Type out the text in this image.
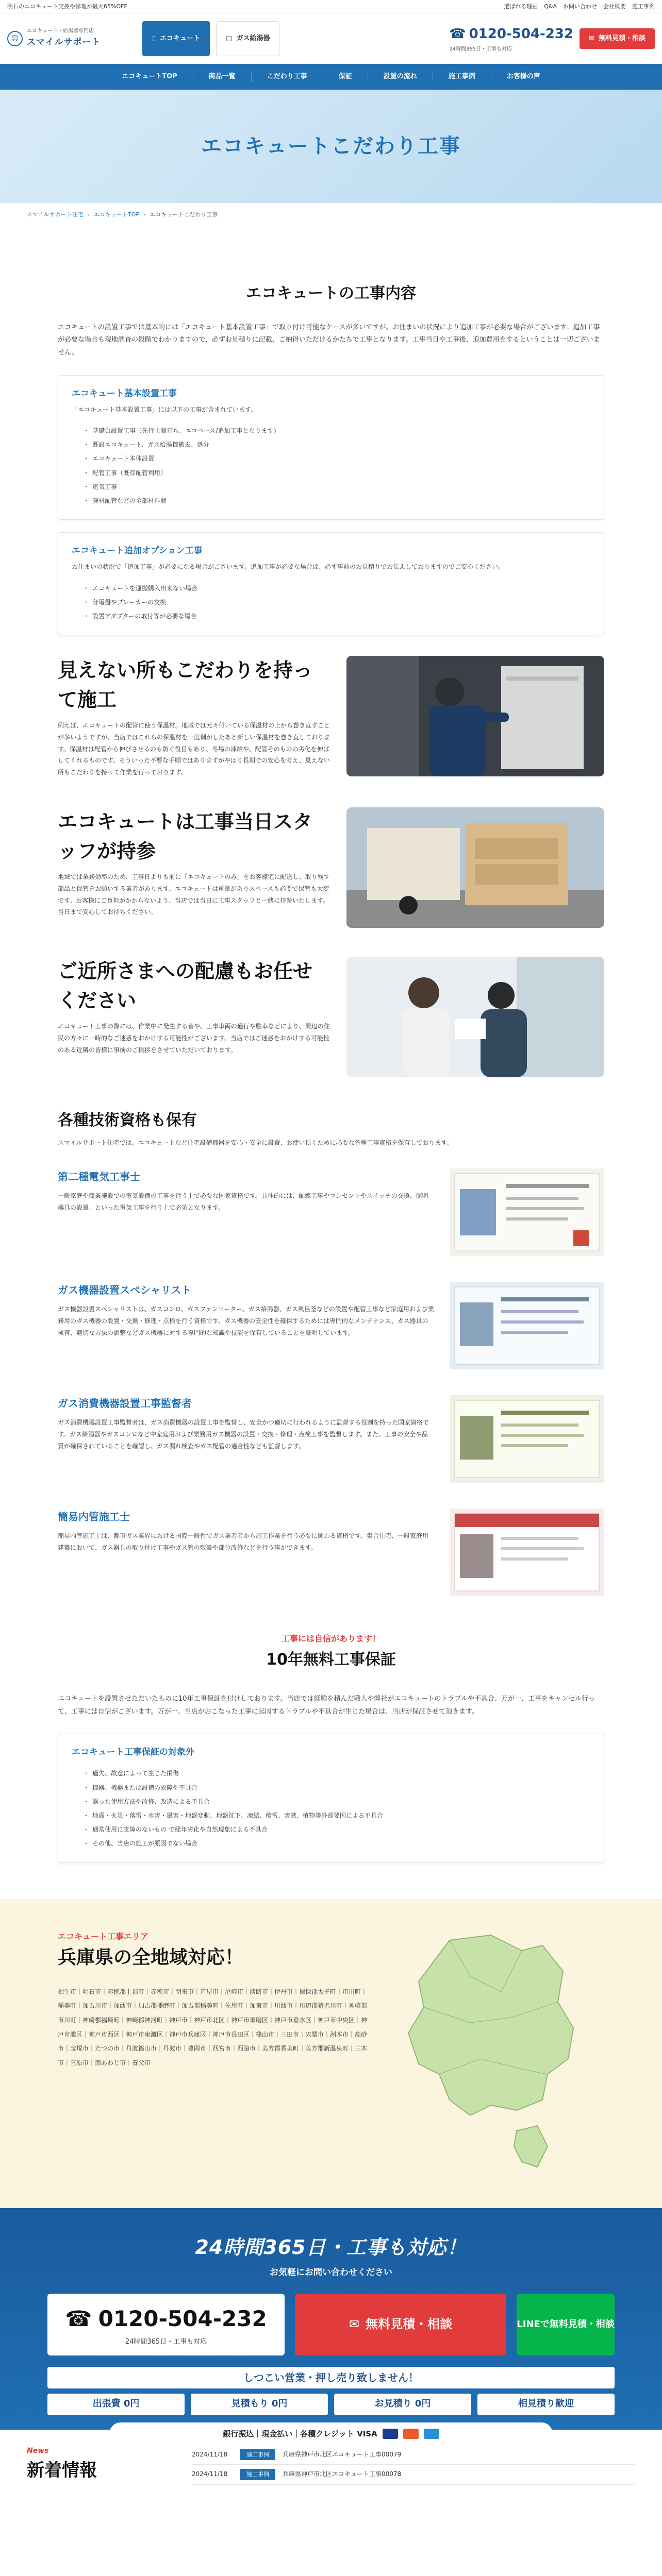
明石のエコキュート交換や修理が最大65%OFF	選ばれる理由 Q&A お問い合わせ 会社概要 施工事例
☺
エコキュート・給湯器専門店
スマイルサポート	▯ エコキュート	▢ ガス給湯器	☎ 0120-504-232
24時間365日・工事も対応
✉ 無料見積・相談
エコキュートTOP	商品一覧	こだわり工事	保証	設置の流れ	施工事例	お客様の声
エコキュートこだわり工事
スマイルサポート住宅 › エコキュートTOP › エコキュートこだわり工事
エコキュートの工事内容

エコキュートの設置工事では基本的には「エコキュート基本設置工事」で取り付け可能なケースが多いですが、お住まいの状況により追加工事が必要な場合がございます。追加工事が必要な場合も現地調査の段階でわかりますので、必ずお見積りに記載、ご納得いただけるかたちで工事となります。工事当日や工事後、追加費用をするということは一切ございません。

エコキュート基本設置工事

「エコキュート基本設置工事」には以下の工事が含まれています。

・ 基礎台設置工事（先行土間打ち、エコベース/追加工事となります）
・ 既設エコキュート、ガス給湯機撤去、処分
・ エコキュート本体設置
・ 配管工事（既存配管利用）
・ 電気工事
・ 廃材配管などの全部材料費
エコキュート追加オプション工事

お住まいの状況で「追加工事」が必要になる場合がございます。追加工事が必要な場合は、必ず事前のお見積りでお伝えしておりますのでご安心ください。

・ エコキュートを運搬購入出来ない場合
・ 分電盤やブレーカーの交換
・ 設置アダプターの取付等が必要な場合
見えない所もこだわりを持って施工

例えば、エコキュートの配管に使う保温材。地域では元々付いている保温材の上から巻き直すことが多いようですが、当店ではこれらの保温材を一度剥がしたあと新しい保温材を巻き直しております。保温材は配管から伸びさせるのも防ぐ役目もあり、冬場の凍結や、配管そのものの劣化を伸ばしてくれるものです。そういった不要な手順ではありますがやはり長期での安心を考え、見えない所もこだわりを持って作業を行っております。

エコキュートは工事当日スタッフが持参

地域では業務効率のため、工事日よりも前に「エコキュートのみ」をお客様宅に配送し、取り残す部品と保管をお願いする業者があります。エコキュートは重量がありスペースも必要で保管も大変です。お客様にご負担がかからないよう、当店では当日に工事スタッフと一緒に持参いたします。当日まで安心してお待ちください。

ご近所さまへの配慮もお任せください

エコキュート工事の際には、作業中に発生する音や、工事車両の通行や駐車などにより、周辺の住民の方々に一時的なご迷惑をおかけする可能性がございます。当店ではご迷惑をおかけする可能性のある近隣の皆様に事前のご挨拶をさせていただいております。

各種技術資格も保有

スマイルサポート住宅では、エコキュートなど住宅設備機器を安心・安全に設置、お使い頂くために必要な各種工事資格を保有しております。

第二種電気工事士

一般家庭や商業施設での電気設備の工事を行う上で必要な国家資格です。具体的には、配線工事やコンセントやスイッチの交換、照明器具の設置、といった電気工事を行う上で必須となります。

ガス機器設置スペシャリスト

ガス機器設置スペシャリストは、ガスコンロ、ガスファンヒーター、ガス給湯器、ガス風呂釜などの設置や配管工事など家庭用および業務用のガス機器の設置・交換・修理・点検を行う資格です。ガス機器の安全性を確保するためには専門的なメンテナンス、ガス器具の検査、適切な方法の調整などガス機器に対する専門的な知識や技能を保有していることを証明しています。

ガス消費機器設置工事監督者

ガス消費機器設置工事監督者は、ガス消費機器の設置工事を監督し、安全かつ適切に行われるように監督する役割を持った国家資格です。ガス給湯器やガスコンロなど中家庭用および業務用ガス機器の設置・交換・修理・点検工事を監督します。また、工事の安全や品質が確保されていることを確認し、ガス漏れ検査やガス配管の適合性なども監督します。

簡易内管施工士

簡易内管施工士は、都市ガス業界における国際一般性でガス業者者から施工作業を行う必要に関わる資格です。集合住宅、一般家庭用建築において、ガス器具の取り付け工事やガス管の敷設や部分改修などを行う事ができます。

工事には自信があります！

10年無料工事保証

エコキュートを設置させただいたものに10年工事保証を付けしております。当店では経験を積んだ職人や弊社がエコキュートのトラブルや不具合、万が一、工事をキャンセル行って、工事には自信がございます。万が一、当店がおこなった工事に起因するトラブルや不具合が生じた場合は、当店が保証させて頂きます。

エコキュート工事保証の対象外
・ 過失、故意によって生じた損傷
・ 機器、機器または設備の故障や不具合
・ 誤った使用方法や改修、改造による不具合
・ 地震・火災・落雷・水害・風害・地盤変動、地盤沈下、凍結、積雪、害獣、植物等外部要因による不具合
・ 通常使用に支障のないもの で経年劣化や自然現象による不具合
・ その他、当店の施工が原因でない場合
エコキュート工事エリア
兵庫県の全地域対応！

相生市｜明石市｜赤穂郡上郡町｜赤穂市｜朝来市｜芦屋市｜尼崎市｜淡路市｜伊丹市｜揖保郡太子町｜市川町｜稲美町｜加古川市｜加西市｜加古郡播磨町｜加古郡稲美町｜佐用町｜加東市｜川西市｜川辺郡猪名川町｜神崎郡市川町｜神崎郡福崎町｜神崎郡神河町｜神戸市｜神戸市北区｜神戸市須磨区｜神戸市垂水区｜神戸市中央区｜神戸市灘区｜神戸市西区｜神戸市東灘区｜神戸市兵庫区｜神戸市長田区｜篠山市｜三田市｜宍粟市｜洲本市｜高砂市｜宝塚市｜たつの市｜丹波篠山市｜丹波市｜豊岡市｜西宮市｜西脇市｜美方郡香美町｜美方郡新温泉町｜三木市｜三原市｜南あわじ市｜養父市

24時間365日・工事も対応！
お気軽にお問い合わせください
☎ 0120-504-232
24時間365日・工事も対応
✉ 無料見積・相談	LINEで無料見積・相談
しつこい営業・押し売り致しません！
出張費 0円	見積もり 0円	お見積り 0円	相見積り歓迎
銀行振込｜現金払い｜各種クレジット VISA
News
新着情報
2024/11/18	施工事例	兵庫県神戸市北区エコキュート工事00079
2024/11/18	施工事例	兵庫県神戸市北区エコキュート工事00078
